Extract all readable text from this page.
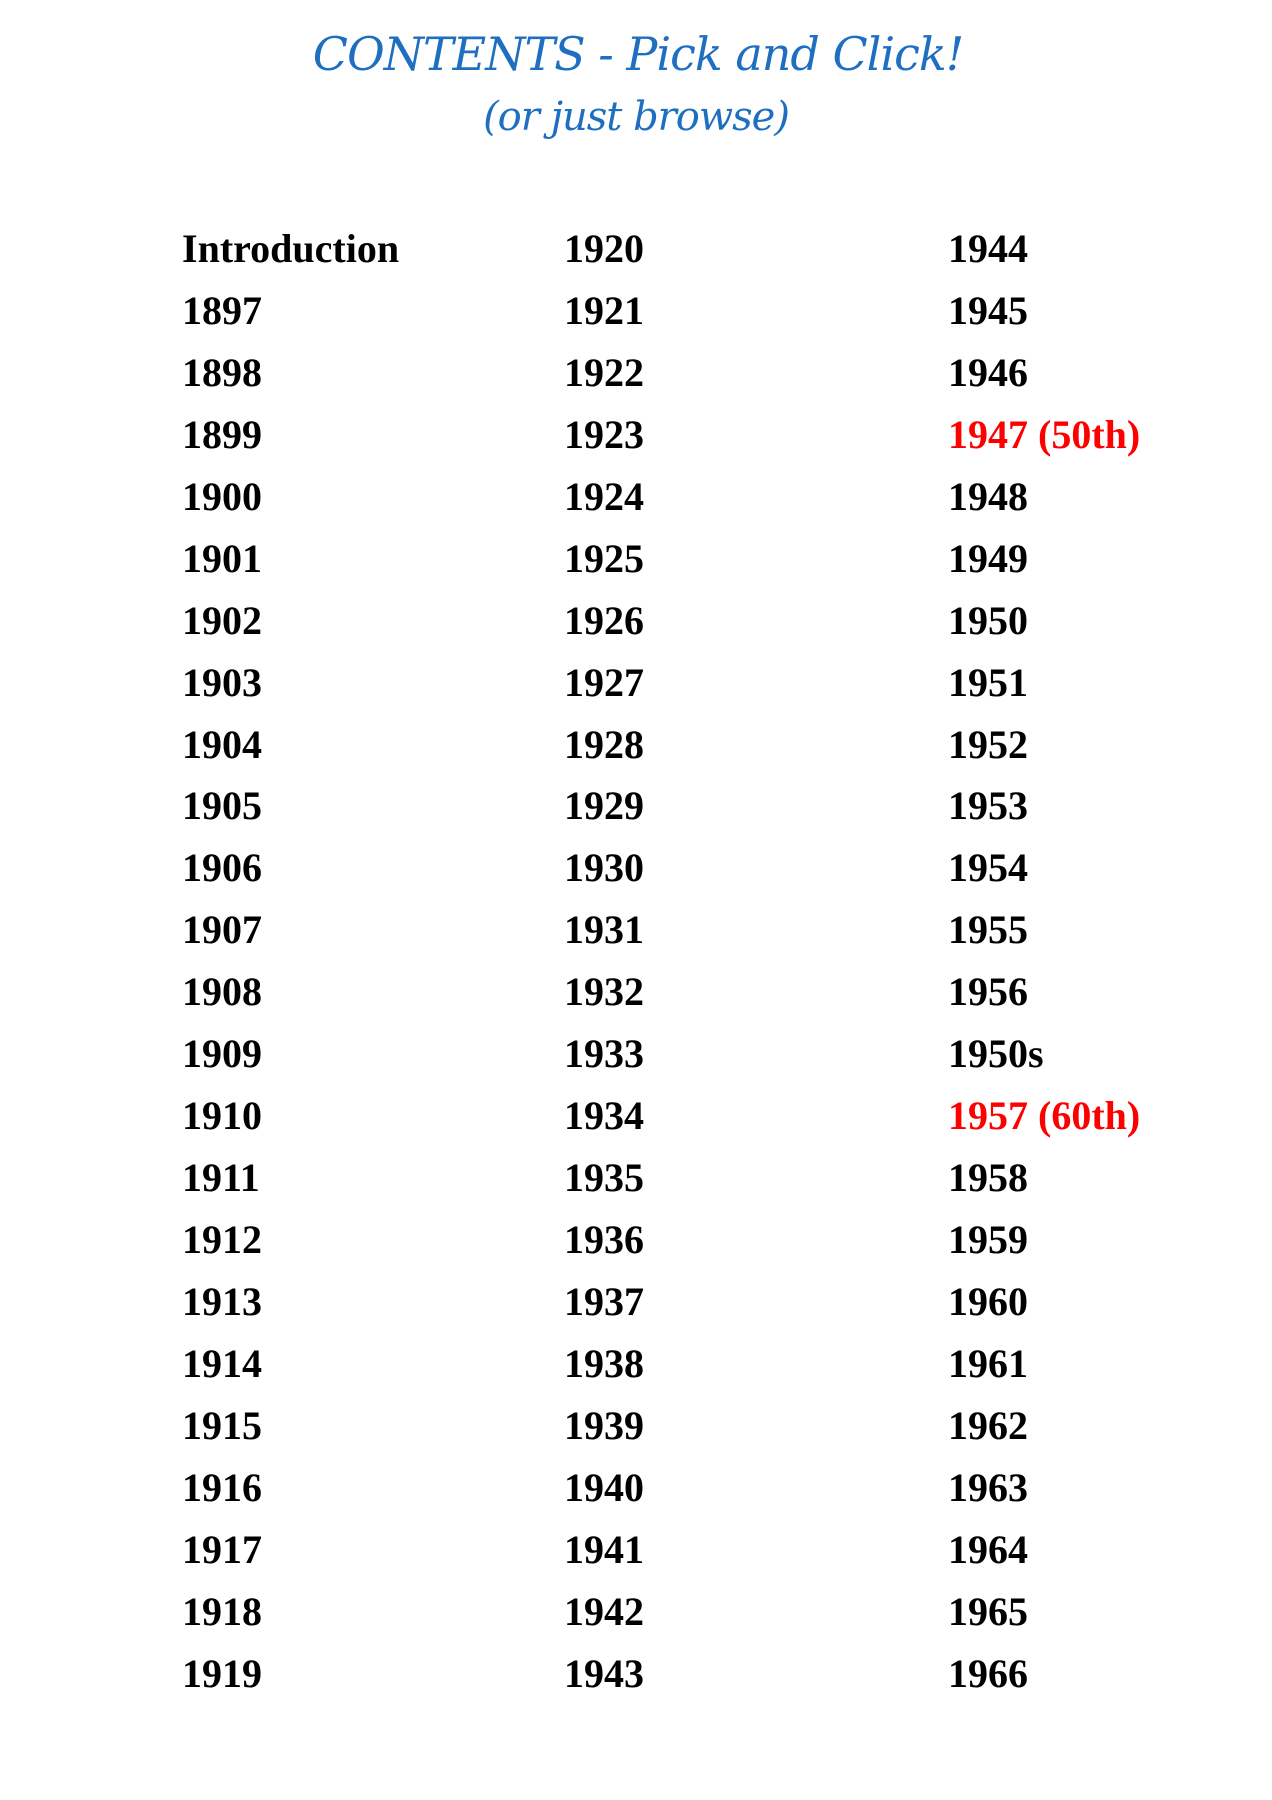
CONTENTS - Pick and Click!
(or just browse)
Introduction
1897
1898
1899
1900
1901
1902
1903
1904
1905
1906
1907
1908
1909
1910
1911
1912
1913
1914
1915
1916
1917
1918
1919
1920
1921
1922
1923
1924
1925
1926
1927
1928
1929
1930
1931
1932
1933
1934
1935
1936
1937
1938
1939
1940
1941
1942
1943
1944
1945
1946
1947 (50th)
1948
1949
1950
1951
1952
1953
1954
1955
1956
1950s
1957 (60th)
1958
1959
1960
1961
1962
1963
1964
1965
1966
